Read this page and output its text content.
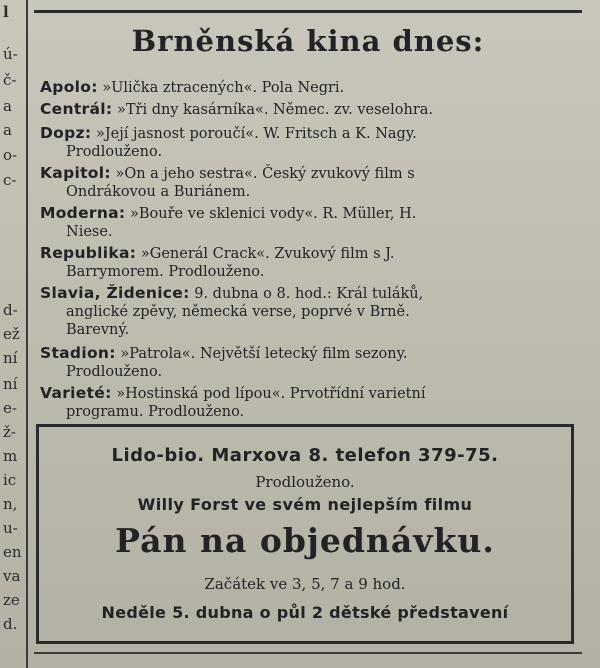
l
ú-
č-
a
a
o-
c-
d-
ež
ní
ní
e-
ž-
m
ic
n,
u-
en
va
ze
d.
Brněnská kina dnes:
Apolo: »Ulička ztracených«. Pola Negri.
Centrál: »Tři dny kasárníka«. Němec. zv. veselohra.
Dopz: »Její jasnost poroučí«. W. Fritsch a K. Nagy.
Prodlouženo.
Kapitol: »On a jeho sestra«. Český zvukový film s
Ondrákovou a Buriánem.
Moderna: »Bouře ve sklenici vody«. R. Müller, H.
Niese.
Republika: »Generál Crack«. Zvukový film s J.
Barrymorem. Prodlouženo.
Slavia, Židenice: 9. dubna o 8. hod.: Král tuláků,
anglické zpěvy, německá verse, poprvé v Brně.
Barevný.
Stadion: »Patrola«. Největší letecký film sezony.
Prodlouženo.
Varieté: »Hostinská pod lípou«. Prvotřídní varietní
programu. Prodlouženo.
Lido-bio. Marxova 8. telefon 379-75.
Prodlouženo.
Willy Forst ve svém nejlepším filmu
Pán na objednávku.
Začátek ve 3, 5, 7 a 9 hod.
Neděle 5. dubna o půl 2 dětské představení
